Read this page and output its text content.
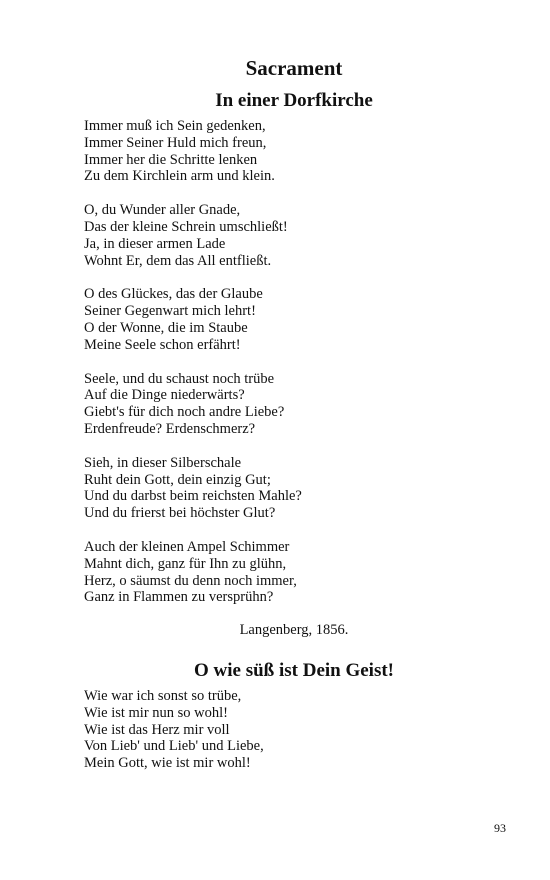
Sacrament
In einer Dorfkirche

Immer muß ich Sein gedenken,
Immer Seiner Huld mich freun,
Immer her die Schritte lenken
Zu dem Kirchlein arm und klein.

O, du Wunder aller Gnade,
Das der kleine Schrein umschließt!
Ja, in dieser armen Lade
Wohnt Er, dem das All entfließt.

O des Glückes, das der Glaube
Seiner Gegenwart mich lehrt!
O der Wonne, die im Staube
Meine Seele schon erfährt!

Seele, und du schaust noch trübe
Auf die Dinge niederwärts?
Giebt's für dich noch andre Liebe?
Erdenfreude? Erdenschmerz?

Sieh, in dieser Silberschale
Ruht dein Gott, dein einzig Gut;
Und du darbst beim reichsten Mahle?
Und du frierst bei höchster Glut?

Auch der kleinen Ampel Schimmer
Mahnt dich, ganz für Ihn zu glühn,
Herz, o säumst du denn noch immer,
Ganz in Flammen zu versprühn?

Langenberg, 1856.
O wie süß ist Dein Geist!

Wie war ich sonst so trübe,
Wie ist mir nun so wohl!
Wie ist das Herz mir voll
Von Lieb' und Lieb' und Liebe,
Mein Gott, wie ist mir wohl!

93
